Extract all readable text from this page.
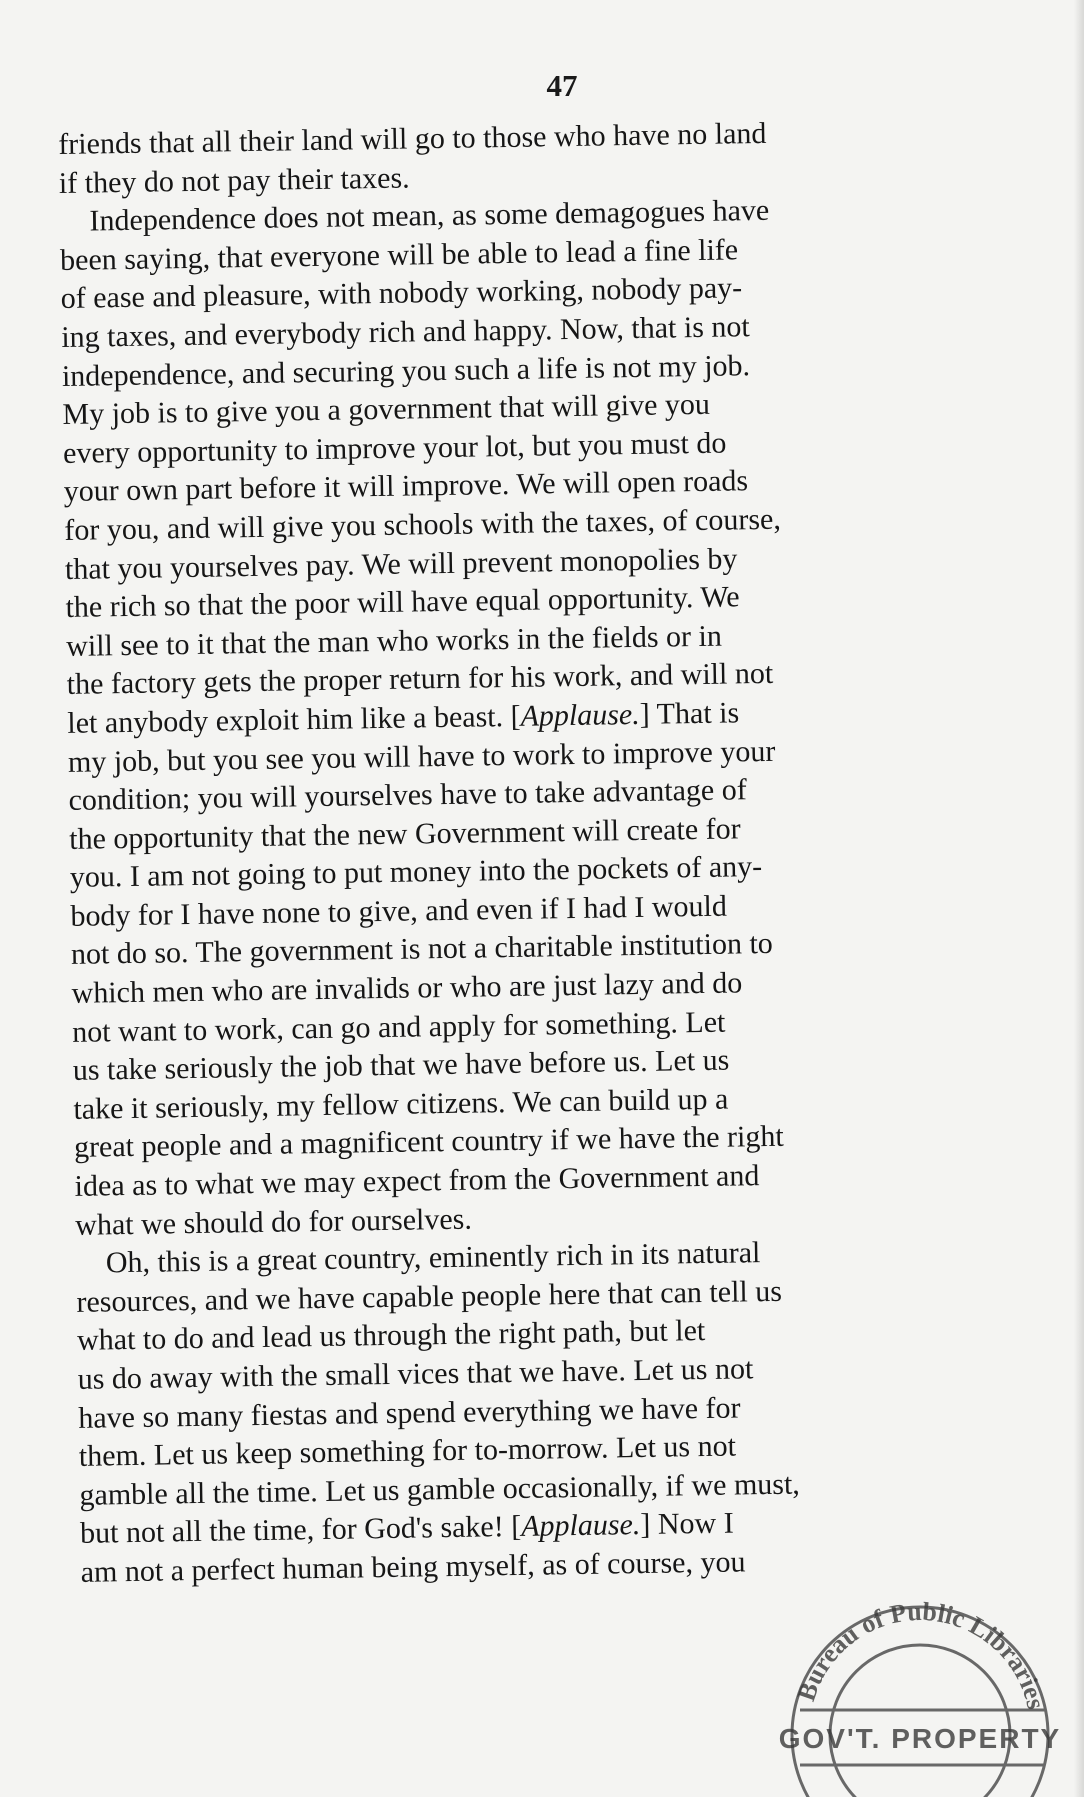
47

friends that all their land will go to those who have no land
if they do not pay their taxes.

Independence does not mean, as some demagogues have
been saying, that everyone will be able to lead a fine life
of ease and pleasure, with nobody working, nobody pay-
ing taxes, and everybody rich and happy. Now, that is not
independence, and securing you such a life is not my job.
My job is to give you a government that will give you
every opportunity to improve your lot, but you must do
your own part before it will improve. We will open roads
for you, and will give you schools with the taxes, of course,
that you yourselves pay. We will prevent monopolies by
the rich so that the poor will have equal opportunity. We
will see to it that the man who works in the fields or in
the factory gets the proper return for his work, and will not
let anybody exploit him like a beast. [Applause.] That is
my job, but you see you will have to work to improve your
condition; you will yourselves have to take advantage of
the opportunity that the new Government will create for
you. I am not going to put money into the pockets of any-
body for I have none to give, and even if I had I would
not do so. The government is not a charitable institution to
which men who are invalids or who are just lazy and do
not want to work, can go and apply for something. Let
us take seriously the job that we have before us. Let us
take it seriously, my fellow citizens. We can build up a
great people and a magnificent country if we have the right
idea as to what we may expect from the Government and
what we should do for ourselves.

Oh, this is a great country, eminently rich in its natural
resources, and we have capable people here that can tell us
what to do and lead us through the right path, but let
us do away with the small vices that we have. Let us not
have so many fiestas and spend everything we have for
them. Let us keep something for to-morrow. Let us not
gamble all the time. Let us gamble occasionally, if we must,
but not all the time, for God's sake! [Applause.] Now I
am not a perfect human being myself, as of course, you

Bureau of Public Libraries
GOV'T. PROPERTY
